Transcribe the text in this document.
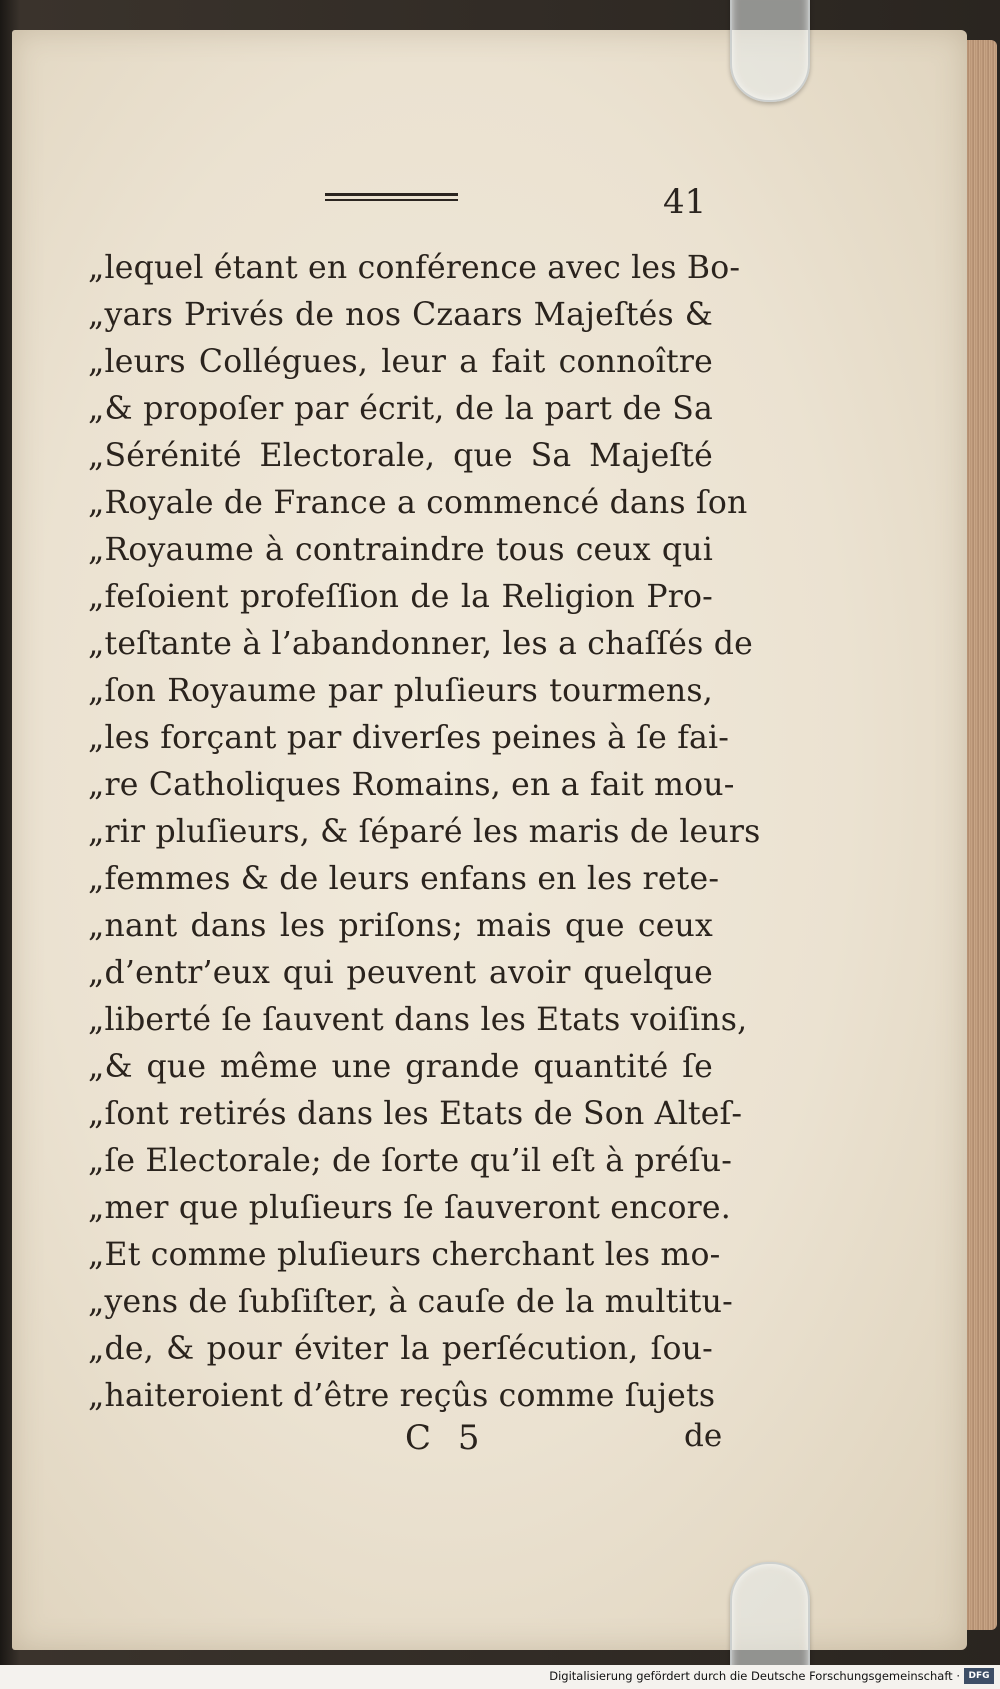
41
„lequel étant en conférence avec les Bo-
„yars Privés de nos Czaars Majeſtés &
„leurs Collégues, leur a fait connoître
„& propoſer par écrit, de la part de Sa
„Sérénité Electorale, que Sa Majeſté
„Royale de France a commencé dans ſon
„Royaume à contraindre tous ceux qui
„feſoient profeſſion de la Religion Pro-
„teſtante à l’abandonner, les a chaſſés de
„ſon Royaume par pluſieurs tourmens,
„les forçant par diverſes peines à ſe fai-
„re Catholiques Romains, en a fait mou-
„rir pluſieurs, & ſéparé les maris de leurs
„femmes & de leurs enfans en les rete-
„nant dans les priſons; mais que ceux
„d’entr’eux qui peuvent avoir quelque
„liberté ſe ſauvent dans les Etats voiſins,
„& que même une grande quantité ſe
„ſont retirés dans les Etats de Son Alteſ-
„ſe Electorale; de ſorte qu’il eſt à préſu-
„mer que pluſieurs ſe ſauveront encore.
„Et comme pluſieurs cherchant les mo-
„yens de ſubſiſter, à cauſe de la multitu-
„de, & pour éviter la perſécution, ſou-
„haiteroient d’être reçûs comme ſujets
C 5	de
Digitalisierung gefördert durch die Deutsche Forschungsgemeinschaft · DFG
